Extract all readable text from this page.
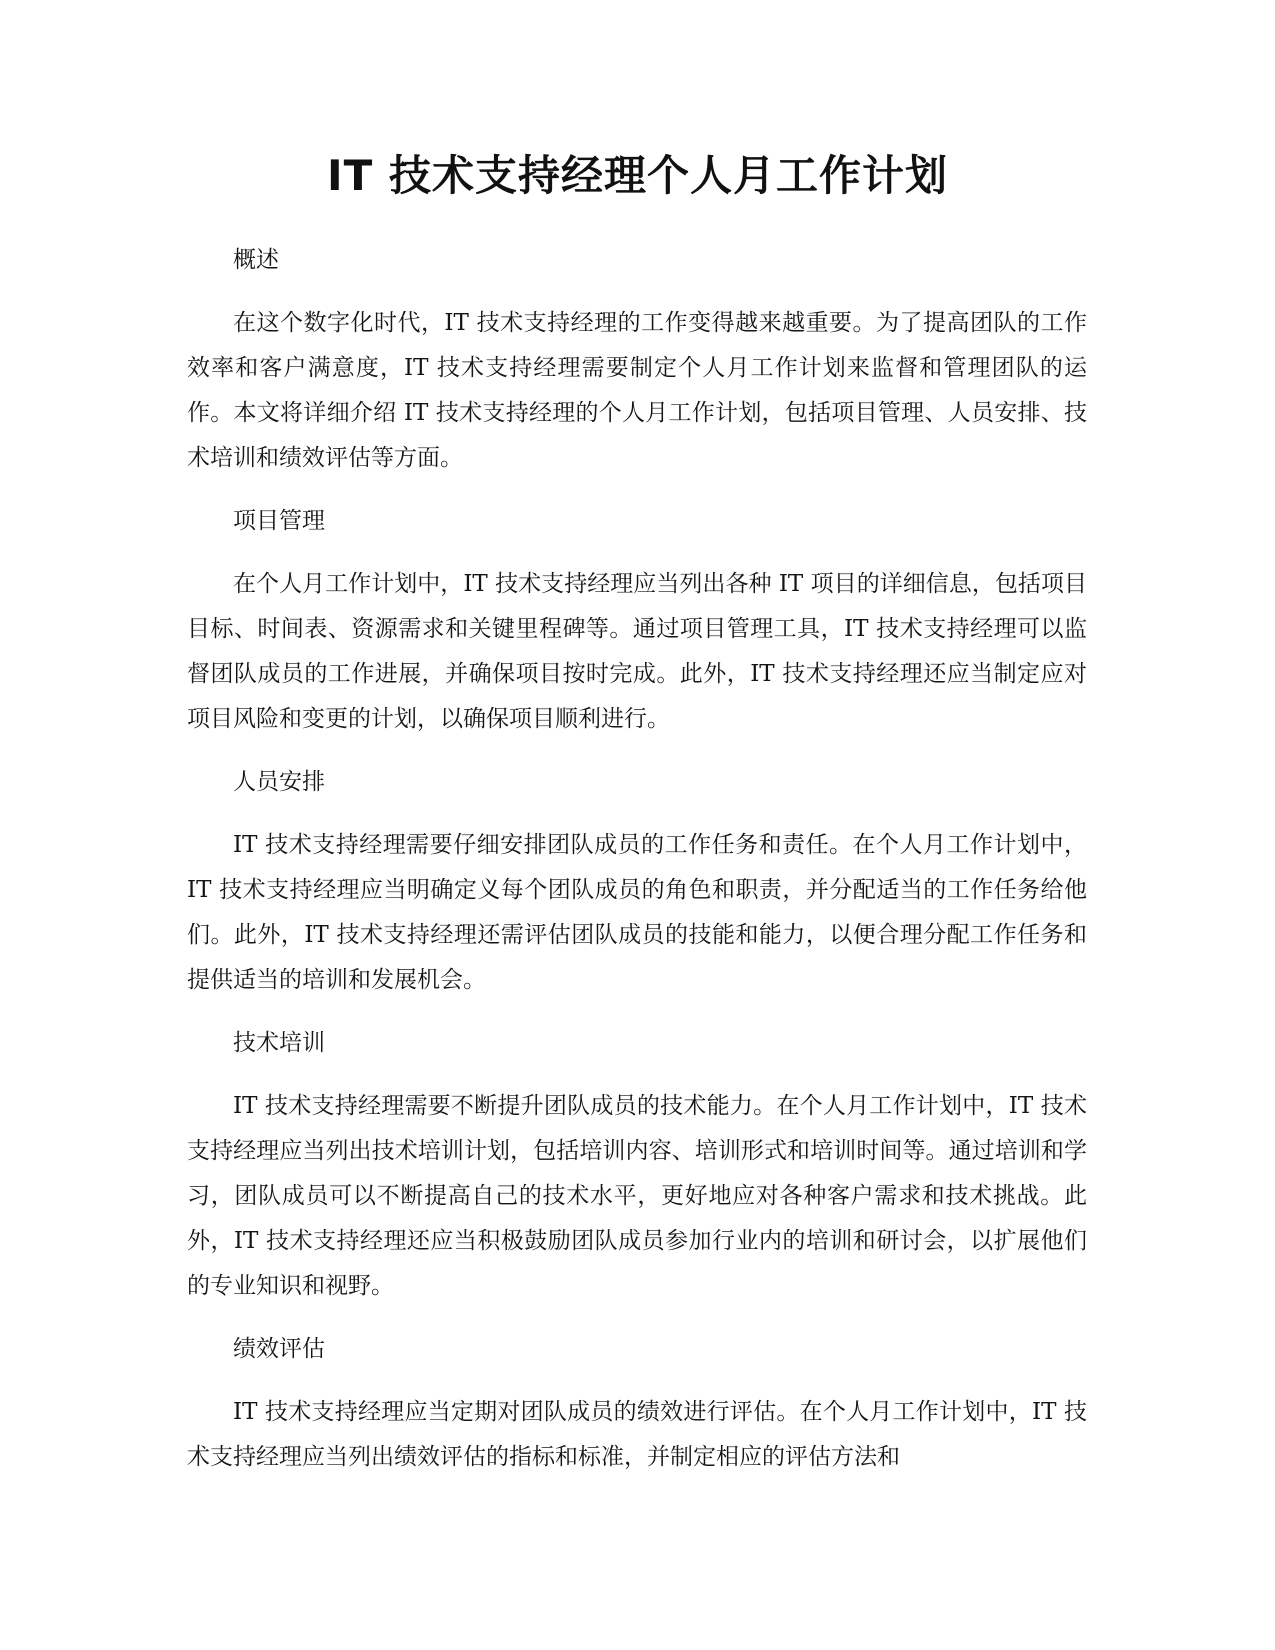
IT 技术支持经理个人月工作计划

概述

在这个数字化时代，IT 技术支持经理的工作变得越来越重要。为了提高团队的工作效率和客户满意度，IT 技术支持经理需要制定个人月工作计划来监督和管理团队的运作。本文将详细介绍 IT 技术支持经理的个人月工作计划，包括项目管理、人员安排、技术培训和绩效评估等方面。

项目管理

在个人月工作计划中，IT 技术支持经理应当列出各种 IT 项目的详细信息，包括项目目标、时间表、资源需求和关键里程碑等。通过项目管理工具，IT 技术支持经理可以监督团队成员的工作进展，并确保项目按时完成。此外，IT 技术支持经理还应当制定应对项目风险和变更的计划，以确保项目顺利进行。

人员安排

IT 技术支持经理需要仔细安排团队成员的工作任务和责任。在个人月工作计划中，IT 技术支持经理应当明确定义每个团队成员的角色和职责，并分配适当的工作任务给他们。此外，IT 技术支持经理还需评估团队成员的技能和能力，以便合理分配工作任务和提供适当的培训和发展机会。

技术培训

IT 技术支持经理需要不断提升团队成员的技术能力。在个人月工作计划中，IT 技术支持经理应当列出技术培训计划，包括培训内容、培训形式和培训时间等。通过培训和学习，团队成员可以不断提高自己的技术水平，更好地应对各种客户需求和技术挑战。此外，IT 技术支持经理还应当积极鼓励团队成员参加行业内的培训和研讨会，以扩展他们的专业知识和视野。

绩效评估

IT 技术支持经理应当定期对团队成员的绩效进行评估。在个人月工作计划中，IT 技术支持经理应当列出绩效评估的指标和标准，并制定相应的评估方法和
